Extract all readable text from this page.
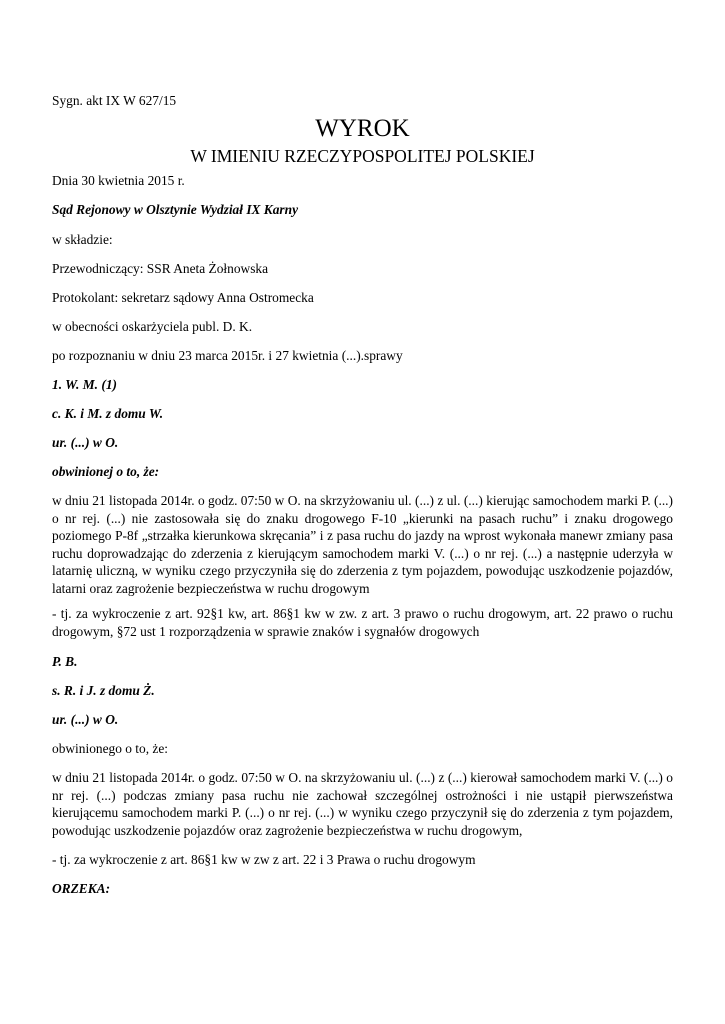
Sygn. akt IX W 627/15

WYROK
W IMIENIU RZECZYPOSPOLITEJ POLSKIEJ

Dnia 30 kwietnia 2015 r.

Sąd Rejonowy w Olsztynie Wydział IX Karny

w składzie:

Przewodniczący: SSR Aneta Żołnowska

Protokolant: sekretarz sądowy Anna Ostromecka

w obecności oskarżyciela publ. D. K.

po rozpoznaniu w dniu 23 marca 2015r. i 27 kwietnia (...).sprawy

1. W. M. (1)

c. K. i M. z domu W.

ur. (...) w O.

obwinionej o to, że:

w dniu 21 listopada 2014r. o godz. 07:50 w O. na skrzyżowaniu ul. (...) z ul. (...) kierując samochodem marki P. (...) o nr rej. (...) nie zastosowała się do znaku drogowego F-10 „kierunki na pasach ruchu” i znaku drogowego poziomego P-8f „strzałka kierunkowa skręcania” i z pasa ruchu do jazdy na wprost wykonała manewr zmiany pasa ruchu doprowadzając do zderzenia z kierującym samochodem marki V. (...) o nr rej. (...) a następnie uderzyła w latarnię uliczną, w wyniku czego przyczyniła się do zderzenia z tym pojazdem, powodując uszkodzenie pojazdów, latarni oraz zagrożenie bezpieczeństwa w ruchu drogowym

- tj. za wykroczenie z art. 92§1 kw, art. 86§1 kw w zw. z art. 3 prawo o ruchu drogowym, art. 22 prawo o ruchu drogowym, §72 ust 1 rozporządzenia w sprawie znaków i sygnałów drogowych

P. B.

s. R. i J. z domu Ż.

ur. (...) w O.

obwinionego o to, że:

w dniu 21 listopada 2014r. o godz. 07:50 w O. na skrzyżowaniu ul. (...) z (...) kierował samochodem marki V. (...) o nr rej. (...) podczas zmiany pasa ruchu nie zachował szczególnej ostrożności i nie ustąpił pierwszeństwa kierującemu samochodem marki P. (...) o nr rej. (...) w wyniku czego przyczynił się do zderzenia z tym pojazdem, powodując uszkodzenie pojazdów oraz zagrożenie bezpieczeństwa w ruchu drogowym,

- tj. za wykroczenie z art. 86§1 kw w zw z art. 22 i 3 Prawa o ruchu drogowym

ORZEKA:
